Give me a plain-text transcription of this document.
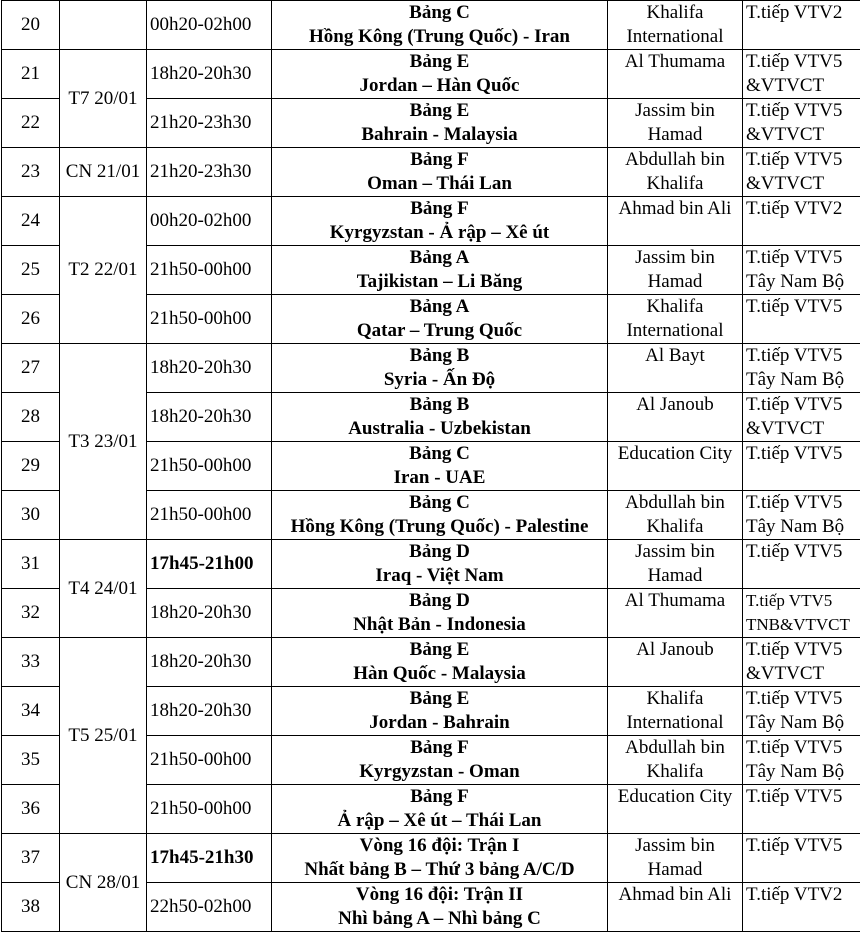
20		00h20-02h00	Bảng C
Hồng Kông (Trung Quốc) - Iran	Khalifa
International	T.tiếp VTV2

21	T7 20/01	18h20-20h30	Bảng E
Jordan – Hàn Quốc	Al Thumama	T.tiếp VTV5
&VTVCT

22		21h20-23h30	Bảng E
Bahrain - Malaysia	Jassim bin
Hamad	T.tiếp VTV5
&VTVCT

23	CN 21/01	21h20-23h30	Bảng F
Oman – Thái Lan	Abdullah bin
Khalifa	T.tiếp VTV5
&VTVCT

24	T2 22/01	00h20-02h00	Bảng F
Kyrgyzstan - Ả rập – Xê út	Ahmad bin Ali	T.tiếp VTV2

25		21h50-00h00	Bảng A
Tajikistan – Li Băng	Jassim bin
Hamad	T.tiếp VTV5
Tây Nam Bộ

26		21h50-00h00	Bảng A
Qatar – Trung Quốc	Khalifa
International	T.tiếp VTV5

27	T3 23/01	18h20-20h30	Bảng B
Syria - Ấn Độ	Al Bayt	T.tiếp VTV5
Tây Nam Bộ

28		18h20-20h30	Bảng B
Australia - Uzbekistan	Al Janoub	T.tiếp VTV5
&VTVCT

29		21h50-00h00	Bảng C
Iran - UAE	Education City	T.tiếp VTV5

30		21h50-00h00	Bảng C
Hồng Kông (Trung Quốc) - Palestine	Abdullah bin
Khalifa	T.tiếp VTV5
Tây Nam Bộ

31	T4 24/01	17h45-21h00	Bảng D
Iraq - Việt Nam	Jassim bin
Hamad	T.tiếp VTV5

32		18h20-20h30	Bảng D
Nhật Bản - Indonesia	Al Thumama	T.tiếp VTV5
TNB&VTVCT

33	T5 25/01	18h20-20h30	Bảng E
Hàn Quốc - Malaysia	Al Janoub	T.tiếp VTV5
&VTVCT

34		18h20-20h30	Bảng E
Jordan - Bahrain	Khalifa
International	T.tiếp VTV5
Tây Nam Bộ

35		21h50-00h00	Bảng F
Kyrgyzstan - Oman	Abdullah bin
Khalifa	T.tiếp VTV5
Tây Nam Bộ

36		21h50-00h00	Bảng F
Ả rập – Xê út – Thái Lan	Education City	T.tiếp VTV5

37	CN 28/01	17h45-21h30	Vòng 16 đội: Trận I
Nhất bảng B – Thứ 3 bảng A/C/D	Jassim bin
Hamad	T.tiếp VTV5

38		22h50-02h00	Vòng 16 đội: Trận II
Nhì bảng A – Nhì bảng C	Ahmad bin Ali	T.tiếp VTV2
